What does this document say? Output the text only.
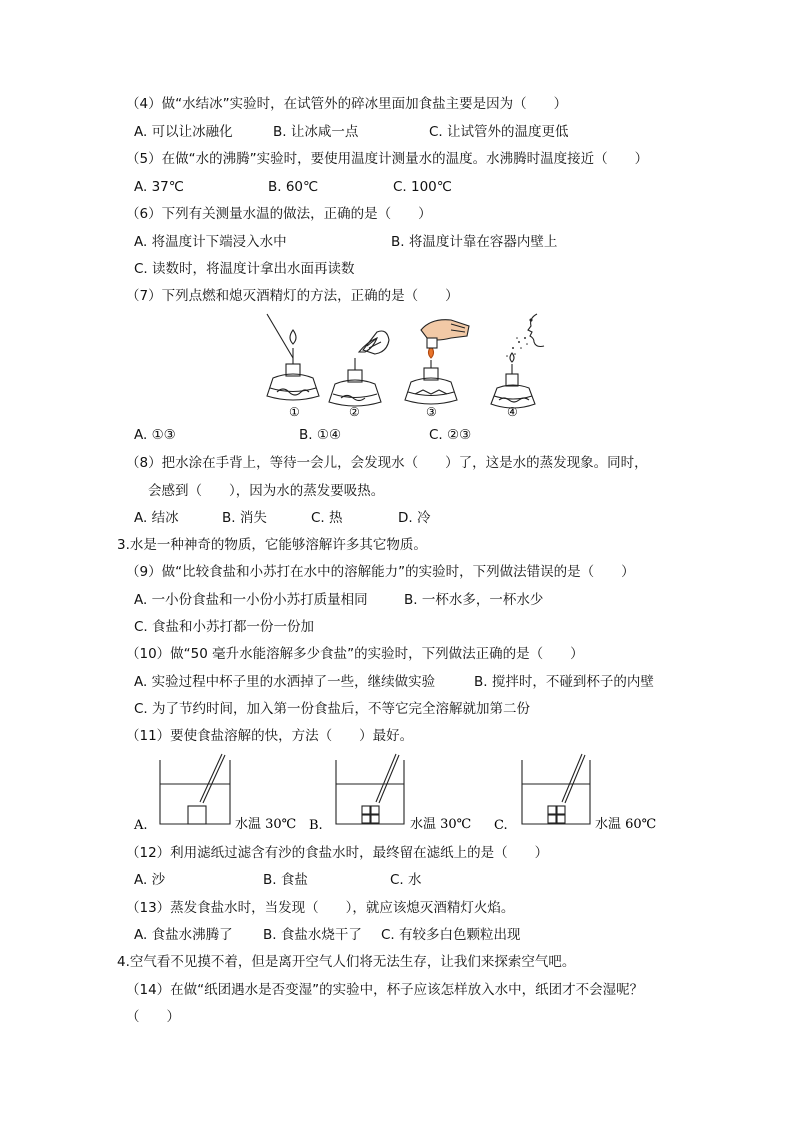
（4）做“水结冰”实验时，在试管外的碎冰里面加食盐主要是因为（　　）
A. 可以让冰融化	B. 让冰咸一点	C. 让试管外的温度更低
（5）在做“水的沸腾”实验时，要使用温度计测量水的温度。水沸腾时温度接近（　　）
A. 37℃	B. 60℃	C. 100℃
（6）下列有关测量水温的做法，正确的是（　　）
A. 将温度计下端浸入水中	B. 将温度计靠在容器内壁上
C. 读数时，将温度计拿出水面再读数
（7）下列点燃和熄灭酒精灯的方法，正确的是（　　）
①	②	③	④
A. ①③	B. ①④	C. ②③
（8）把水涂在手背上，等待一会儿，会发现水（　　）了，这是水的蒸发现象。同时，
会感到（　　），因为水的蒸发要吸热。
A. 结冰	B. 消失	C. 热	D. 冷
3.水是一种神奇的物质，它能够溶解许多其它物质。
（9）做“比较食盐和小苏打在水中的溶解能力”的实验时，下列做法错误的是（　　）
A. 一小份食盐和一小份小苏打质量相同	B. 一杯水多，一杯水少
C. 食盐和小苏打都一份一份加
（10）做“50 毫升水能溶解多少食盐”的实验时，下列做法正确的是（　　）
A. 实验过程中杯子里的水洒掉了一些，继续做实验	B. 搅拌时，不碰到杯子的内壁
C. 为了节约时间，加入第一份食盐后，不等它完全溶解就加第二份
（11）要使食盐溶解的快，方法（　　）最好。
A.	水温 30℃ B.	水温 30℃ C.	水温 60℃
（12）利用滤纸过滤含有沙的食盐水时，最终留在滤纸上的是（　　）
A. 沙	B. 食盐	C. 水
（13）蒸发食盐水时，当发现（　　），就应该熄灭酒精灯火焰。
A. 食盐水沸腾了 B. 食盐水烧干了 C. 有较多白色颗粒出现
4.空气看不见摸不着，但是离开空气人们将无法生存，让我们来探索空气吧。
（14）在做“纸团遇水是否变湿”的实验中，杯子应该怎样放入水中，纸团才不会湿呢？
（　　）
